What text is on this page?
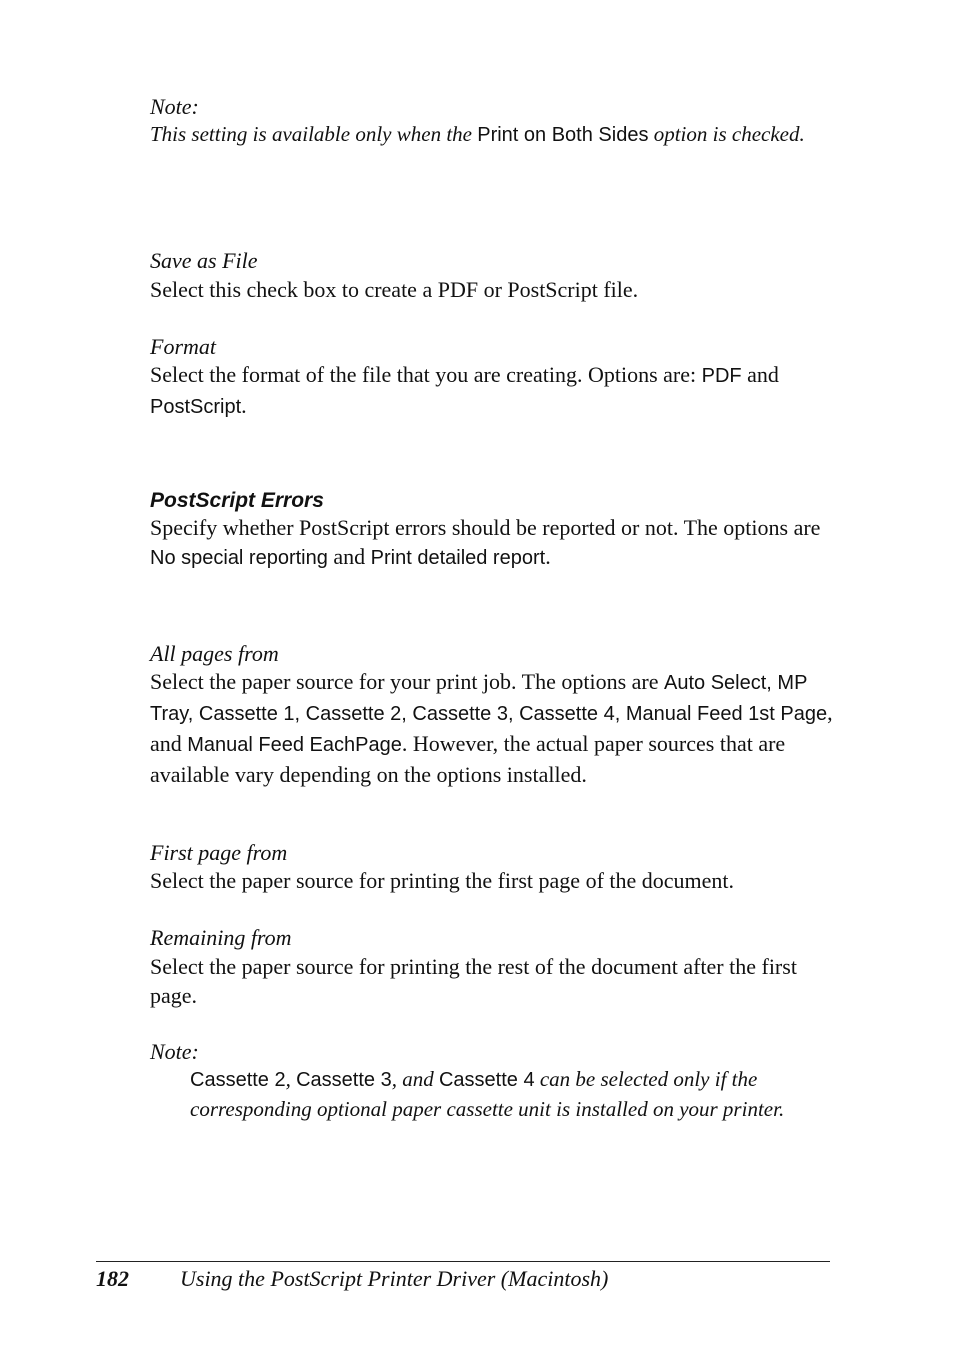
Note:
This setting is available only when the Print on Both Sides option is checked.
Save as File
Select this check box to create a PDF or PostScript file.
Format
Select the format of the file that you are creating. Options are: PDF and PostScript.
PostScript Errors
Specify whether PostScript errors should be reported or not. The options are No special reporting and Print detailed report.
All pages from
Select the paper source for your print job. The options are Auto Select, MP Tray, Cassette 1, Cassette 2, Cassette 3, Cassette 4, Manual Feed 1st Page, and Manual Feed EachPage. However, the actual paper sources that are available vary depending on the options installed.
First page from
Select the paper source for printing the first page of the document.
Remaining from
Select the paper source for printing the rest of the document after the first page.
Note:
Cassette 2, Cassette 3, and Cassette 4 can be selected only if the corresponding optional paper cassette unit is installed on your printer.
182 Using the PostScript Printer Driver (Macintosh)
